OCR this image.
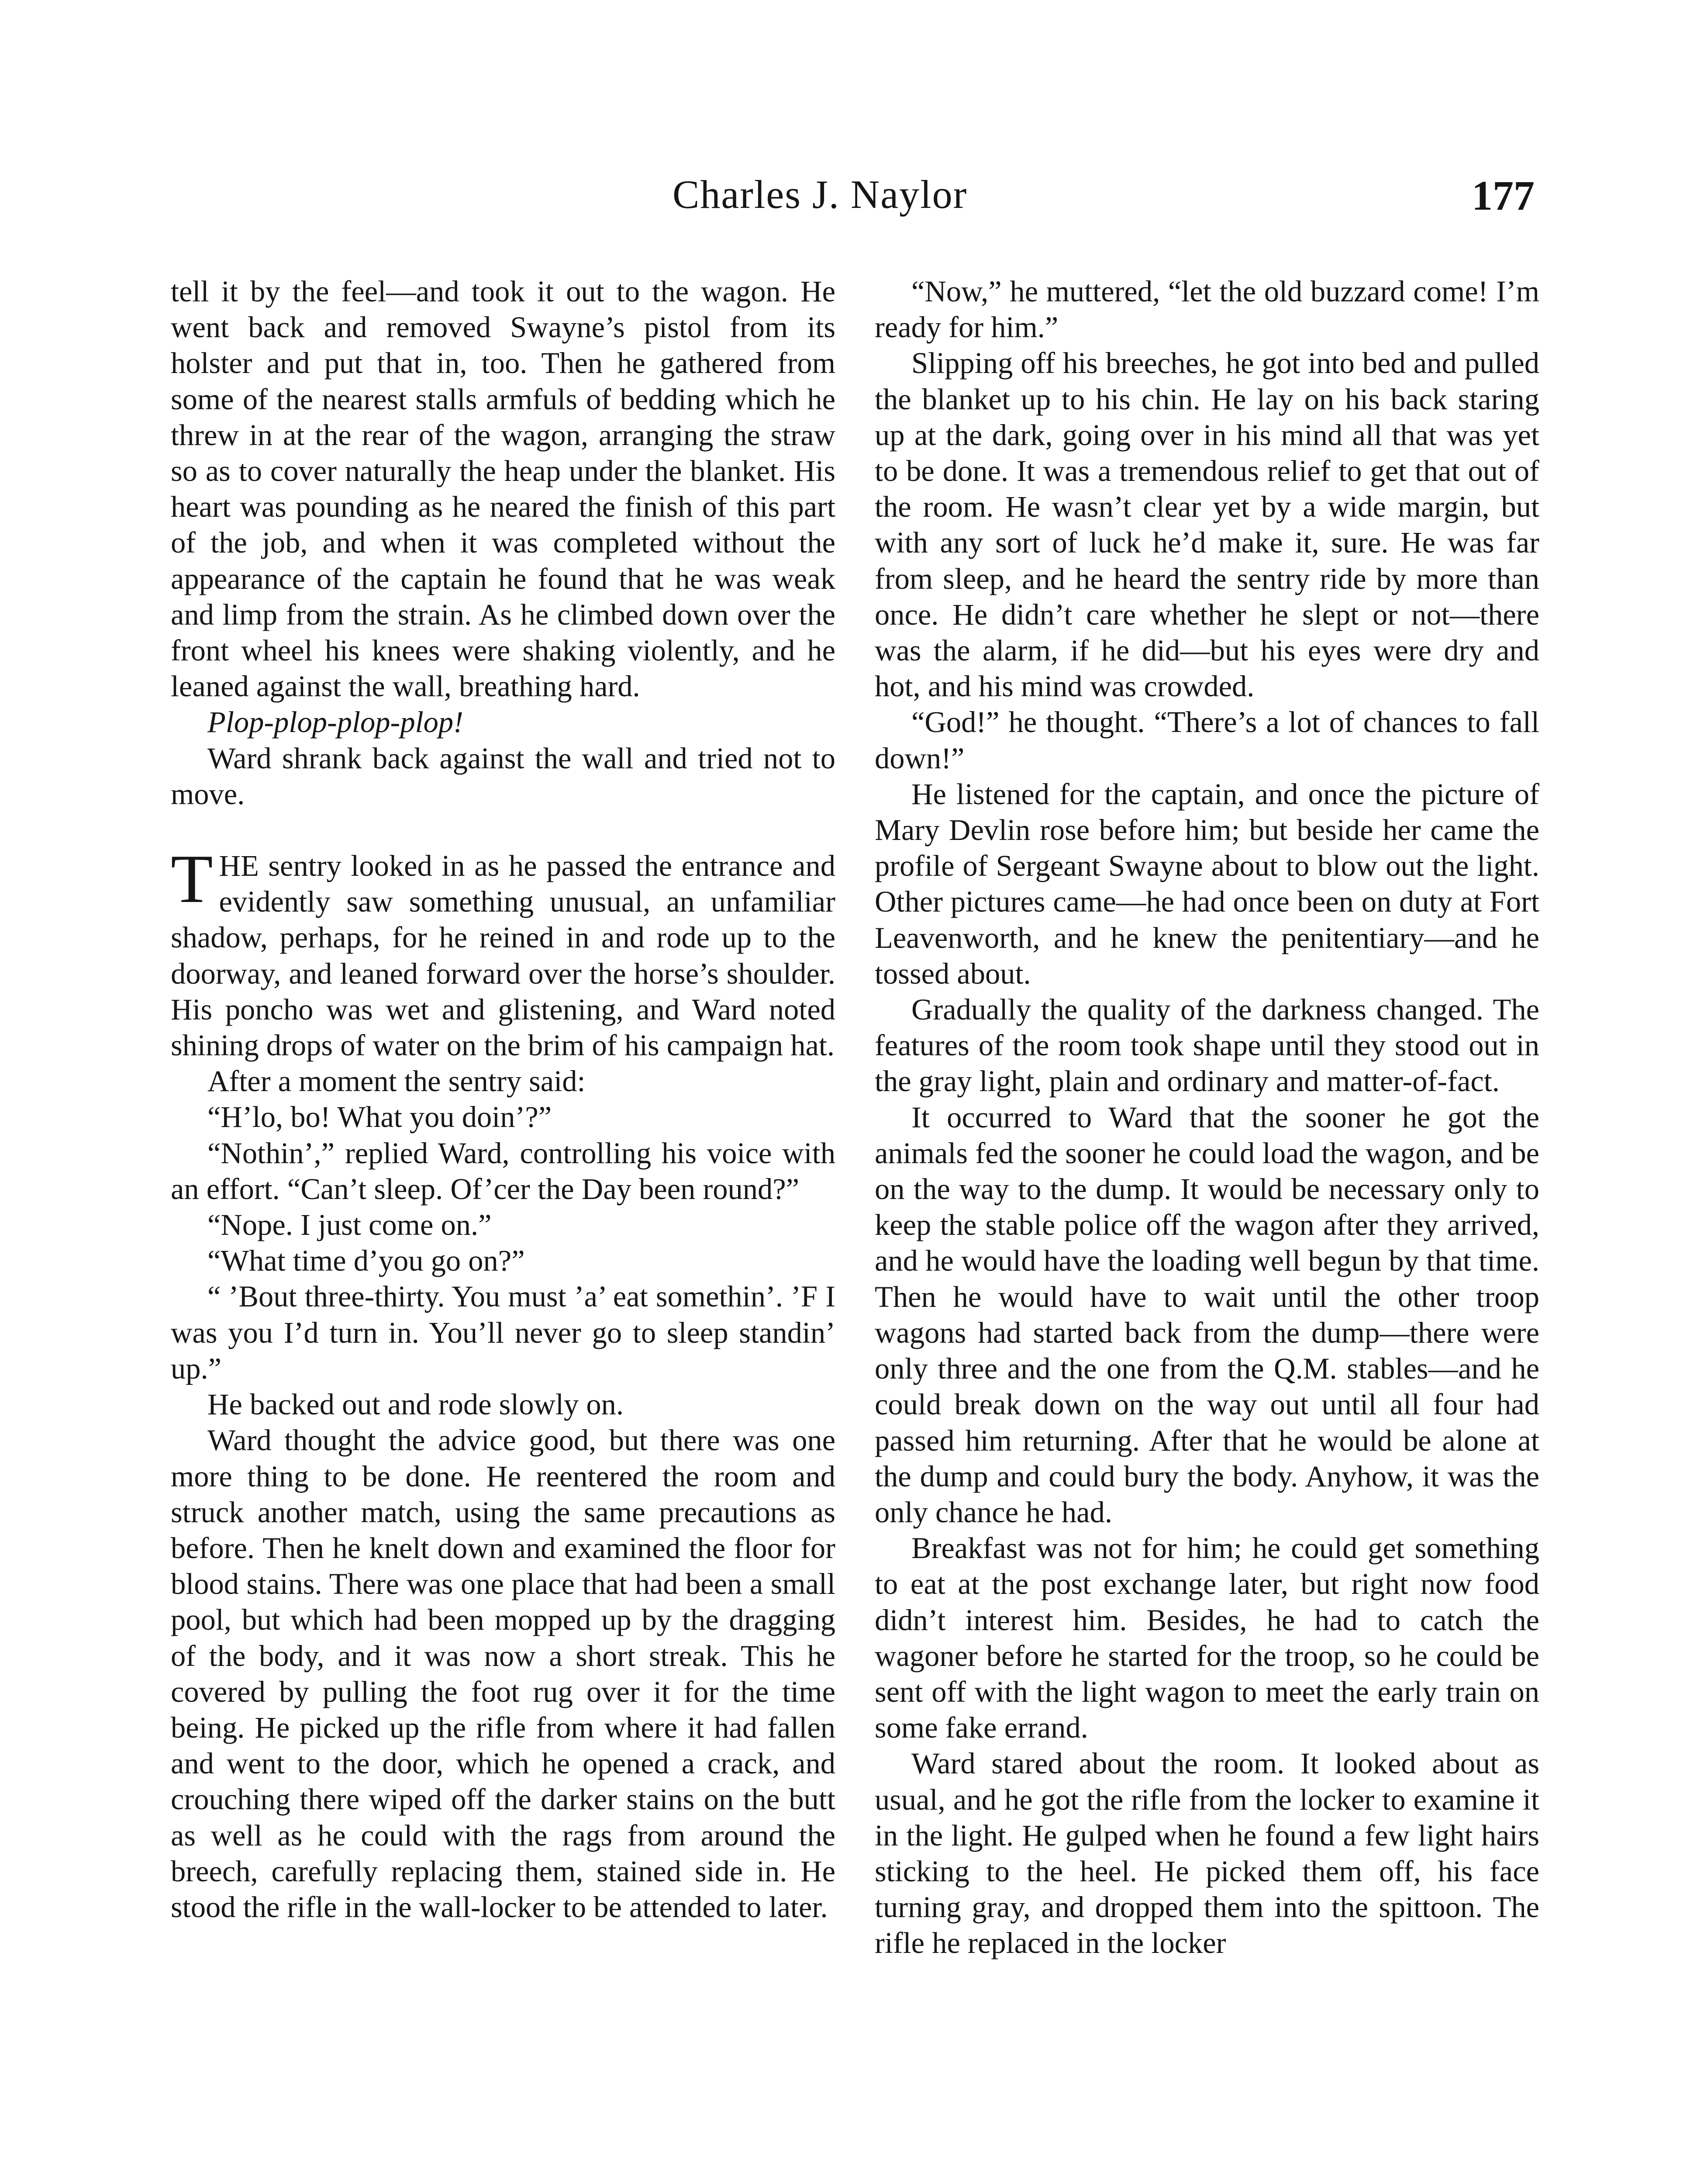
Charles J. Naylor	177

tell it by the feel—and took it out to the wagon. He went back and removed Swayne’s pistol from its holster and put that in, too. Then he gathered from some of the nearest stalls armfuls of bedding which he threw in at the rear of the wagon, arranging the straw so as to cover naturally the heap under the blanket. His heart was pounding as he neared the finish of this part of the job, and when it was completed without the appearance of the captain he found that he was weak and limp from the strain. As he climbed down over the front wheel his knees were shaking violently, and he leaned against the wall, breathing hard.

Plop-plop-plop-plop!

Ward shrank back against the wall and tried not to move.

THE sentry looked in as he passed the entrance and evidently saw something unusual, an unfamiliar shadow, perhaps, for he reined in and rode up to the doorway, and leaned forward over the horse’s shoulder. His poncho was wet and glistening, and Ward noted shining drops of water on the brim of his campaign hat.

After a moment the sentry said:

“H’lo, bo! What you doin’?”

“Nothin’,” replied Ward, controlling his voice with an effort. “Can’t sleep. Of’cer the Day been round?”

“Nope. I just come on.”

“What time d’you go on?”

“ ’Bout three-thirty. You must ’a’ eat somethin’. ’F I was you I’d turn in. You’ll never go to sleep standin’ up.”

He backed out and rode slowly on.

Ward thought the advice good, but there was one more thing to be done. He reentered the room and struck another match, using the same precautions as before. Then he knelt down and examined the floor for blood stains. There was one place that had been a small pool, but which had been mopped up by the dragging of the body, and it was now a short streak. This he covered by pulling the foot rug over it for the time being. He picked up the rifle from where it had fallen and went to the door, which he opened a crack, and crouching there wiped off the darker stains on the butt as well as he could with the rags from around the breech, carefully replacing them, stained side in. He stood the rifle in the wall-locker to be attended to later.

“Now,” he muttered, “let the old buzzard come! I’m ready for him.”

Slipping off his breeches, he got into bed and pulled the blanket up to his chin. He lay on his back staring up at the dark, going over in his mind all that was yet to be done. It was a tremendous relief to get that out of the room. He wasn’t clear yet by a wide margin, but with any sort of luck he’d make it, sure. He was far from sleep, and he heard the sentry ride by more than once. He didn’t care whether he slept or not—there was the alarm, if he did—but his eyes were dry and hot, and his mind was crowded.

“God!” he thought. “There’s a lot of chances to fall down!”

He listened for the captain, and once the picture of Mary Devlin rose before him; but beside her came the profile of Sergeant Swayne about to blow out the light. Other pictures came—he had once been on duty at Fort Leavenworth, and he knew the penitentiary—and he tossed about.

Gradually the quality of the darkness changed. The features of the room took shape until they stood out in the gray light, plain and ordinary and matter-of-fact.

It occurred to Ward that the sooner he got the animals fed the sooner he could load the wagon, and be on the way to the dump. It would be necessary only to keep the stable police off the wagon after they arrived, and he would have the loading well begun by that time. Then he would have to wait until the other troop wagons had started back from the dump—there were only three and the one from the Q.M. stables—and he could break down on the way out until all four had passed him returning. After that he would be alone at the dump and could bury the body. Anyhow, it was the only chance he had.

Breakfast was not for him; he could get something to eat at the post exchange later, but right now food didn’t interest him. Besides, he had to catch the wagoner before he started for the troop, so he could be sent off with the light wagon to meet the early train on some fake errand.

Ward stared about the room. It looked about as usual, and he got the rifle from the locker to examine it in the light. He gulped when he found a few light hairs sticking to the heel. He picked them off, his face turning gray, and dropped them into the spittoon. The rifle he replaced in the locker
